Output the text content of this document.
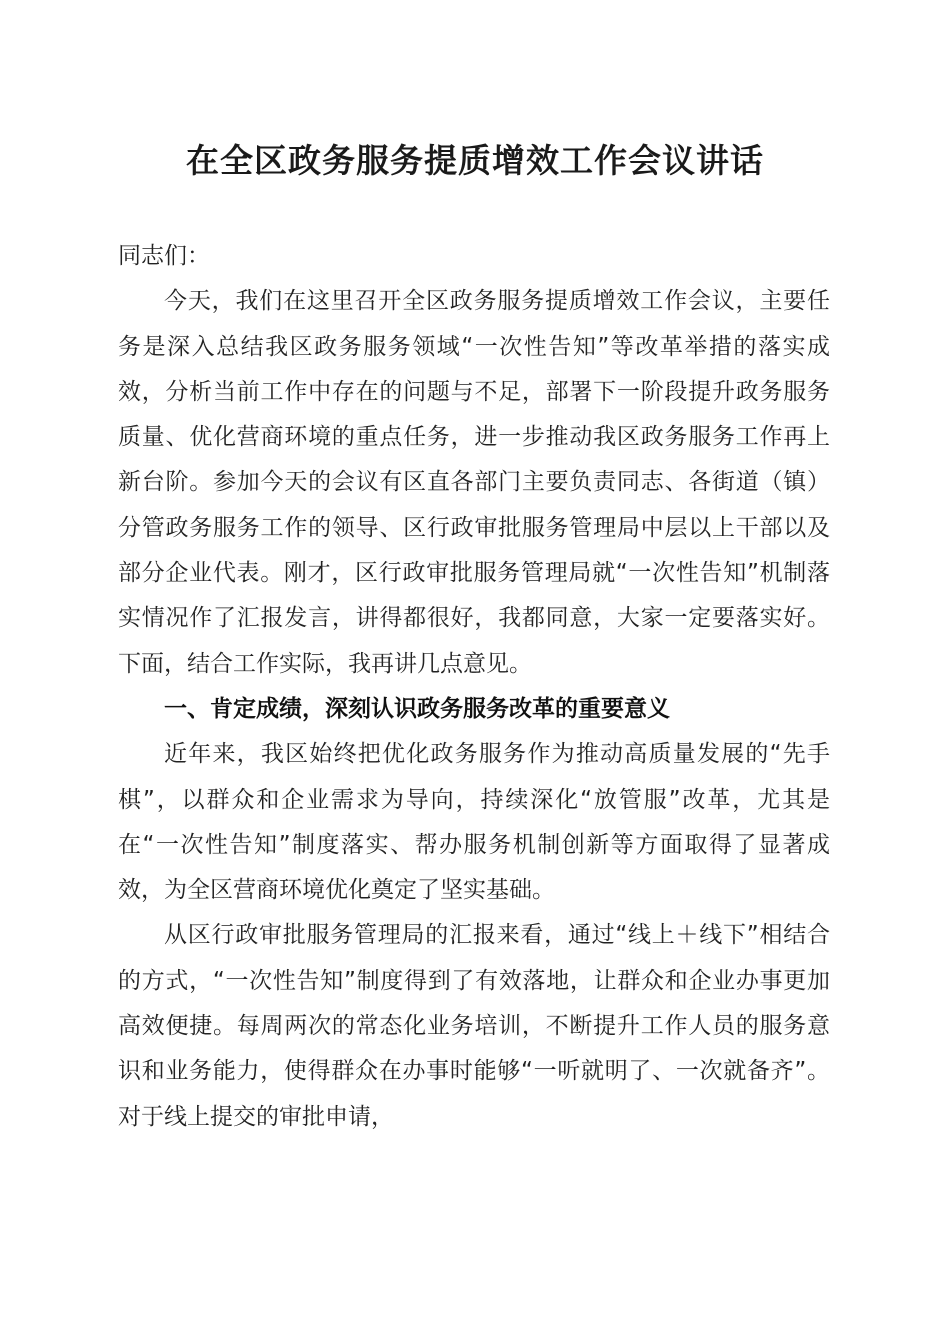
在全区政务服务提质增效工作会议讲话

同志们：

今天，我们在这里召开全区政务服务提质增效工作会议，主要任务是深入总结我区政务服务领域“一次性告知”等改革举措的落实成效，分析当前工作中存在的问题与不足，部署下一阶段提升政务服务质量、优化营商环境的重点任务，进一步推动我区政务服务工作再上新台阶。参加今天的会议有区直各部门主要负责同志、各街道（镇）分管政务服务工作的领导、区行政审批服务管理局中层以上干部以及部分企业代表。刚才，区行政审批服务管理局就“一次性告知”机制落实情况作了汇报发言，讲得都很好，我都同意，大家一定要落实好。下面，结合工作实际，我再讲几点意见。

一、肯定成绩，深刻认识政务服务改革的重要意义

近年来，我区始终把优化政务服务作为推动高质量发展的“先手棋”，以群众和企业需求为导向，持续深化“放管服”改革，尤其是在“一次性告知”制度落实、帮办服务机制创新等方面取得了显著成效，为全区营商环境优化奠定了坚实基础。

从区行政审批服务管理局的汇报来看，通过“线上＋线下”相结合的方式，“一次性告知”制度得到了有效落地，让群众和企业办事更加高效便捷。每周两次的常态化业务培训，不断提升工作人员的服务意识和业务能力，使得群众在办事时能够“一听就明了、一次就备齐”。对于线上提交的审批申请，
